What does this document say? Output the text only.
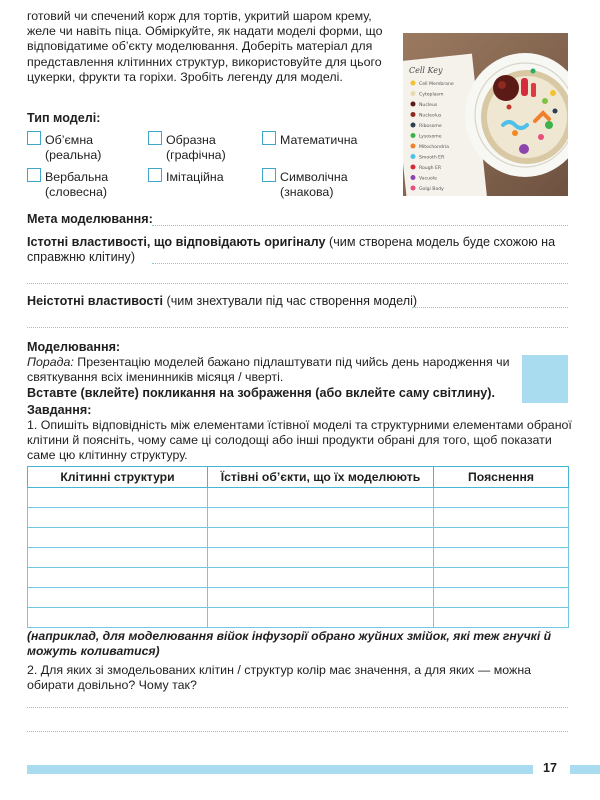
готовий чи спечений корж для тортів, укритий шаром крему, желе чи навіть піца. Обміркуйте, як надати моделі форми, що відповідатиме об’єкту моделювання. Доберіть матеріал для представлення клітинних структур, використовуйте для цього цукерки, фрукти та горіхи. Зробіть легенду для моделі.	Cell Key
Cell Membrane
Cytoplasm
Nucleus
Nucleolus
Ribosome
Lysosome
Mitochondria
Smooth ER
Rough ER
Vacuole
Golgi Body
Тип моделі:
Об’ємна
(реальна)
Образна
(графічна)
Математична
Вербальна
(словесна)
Імітаційна	Символічна
(знакова)
Мета моделювання:
Істотні властивості, що відповідають оригіналу (чим створена модель буде схожою на справжню клітину)
Неістотні властивості (чим знехтували під час створення моделі)
Моделювання:
Порада: Презентацію моделей бажано підлаштувати під чийсь день народження чи святкування всіх іменинників місяця / чверті.
Вставте (вклейте) покликання на зображення (або вклейте саму світлину).
Завдання:
1. Опишіть відповідність між елементами їстівної моделі та структурними елементами обраної клітини й поясніть, чому саме ці солодощі або інші продукти обрані для того, щоб показати саме цю клітинну структуру.
Клітинні структури	Їстівні об’єкти, що їх моделюють	Пояснення

(наприклад, для моделювання війок інфузорії обрано жуйних змійок, які теж гнучкі й можуть коливатися)
2. Для яких зі змодельованих клітин / структур колір має значення, а для яких — можна обирати довільно? Чому так?
17
